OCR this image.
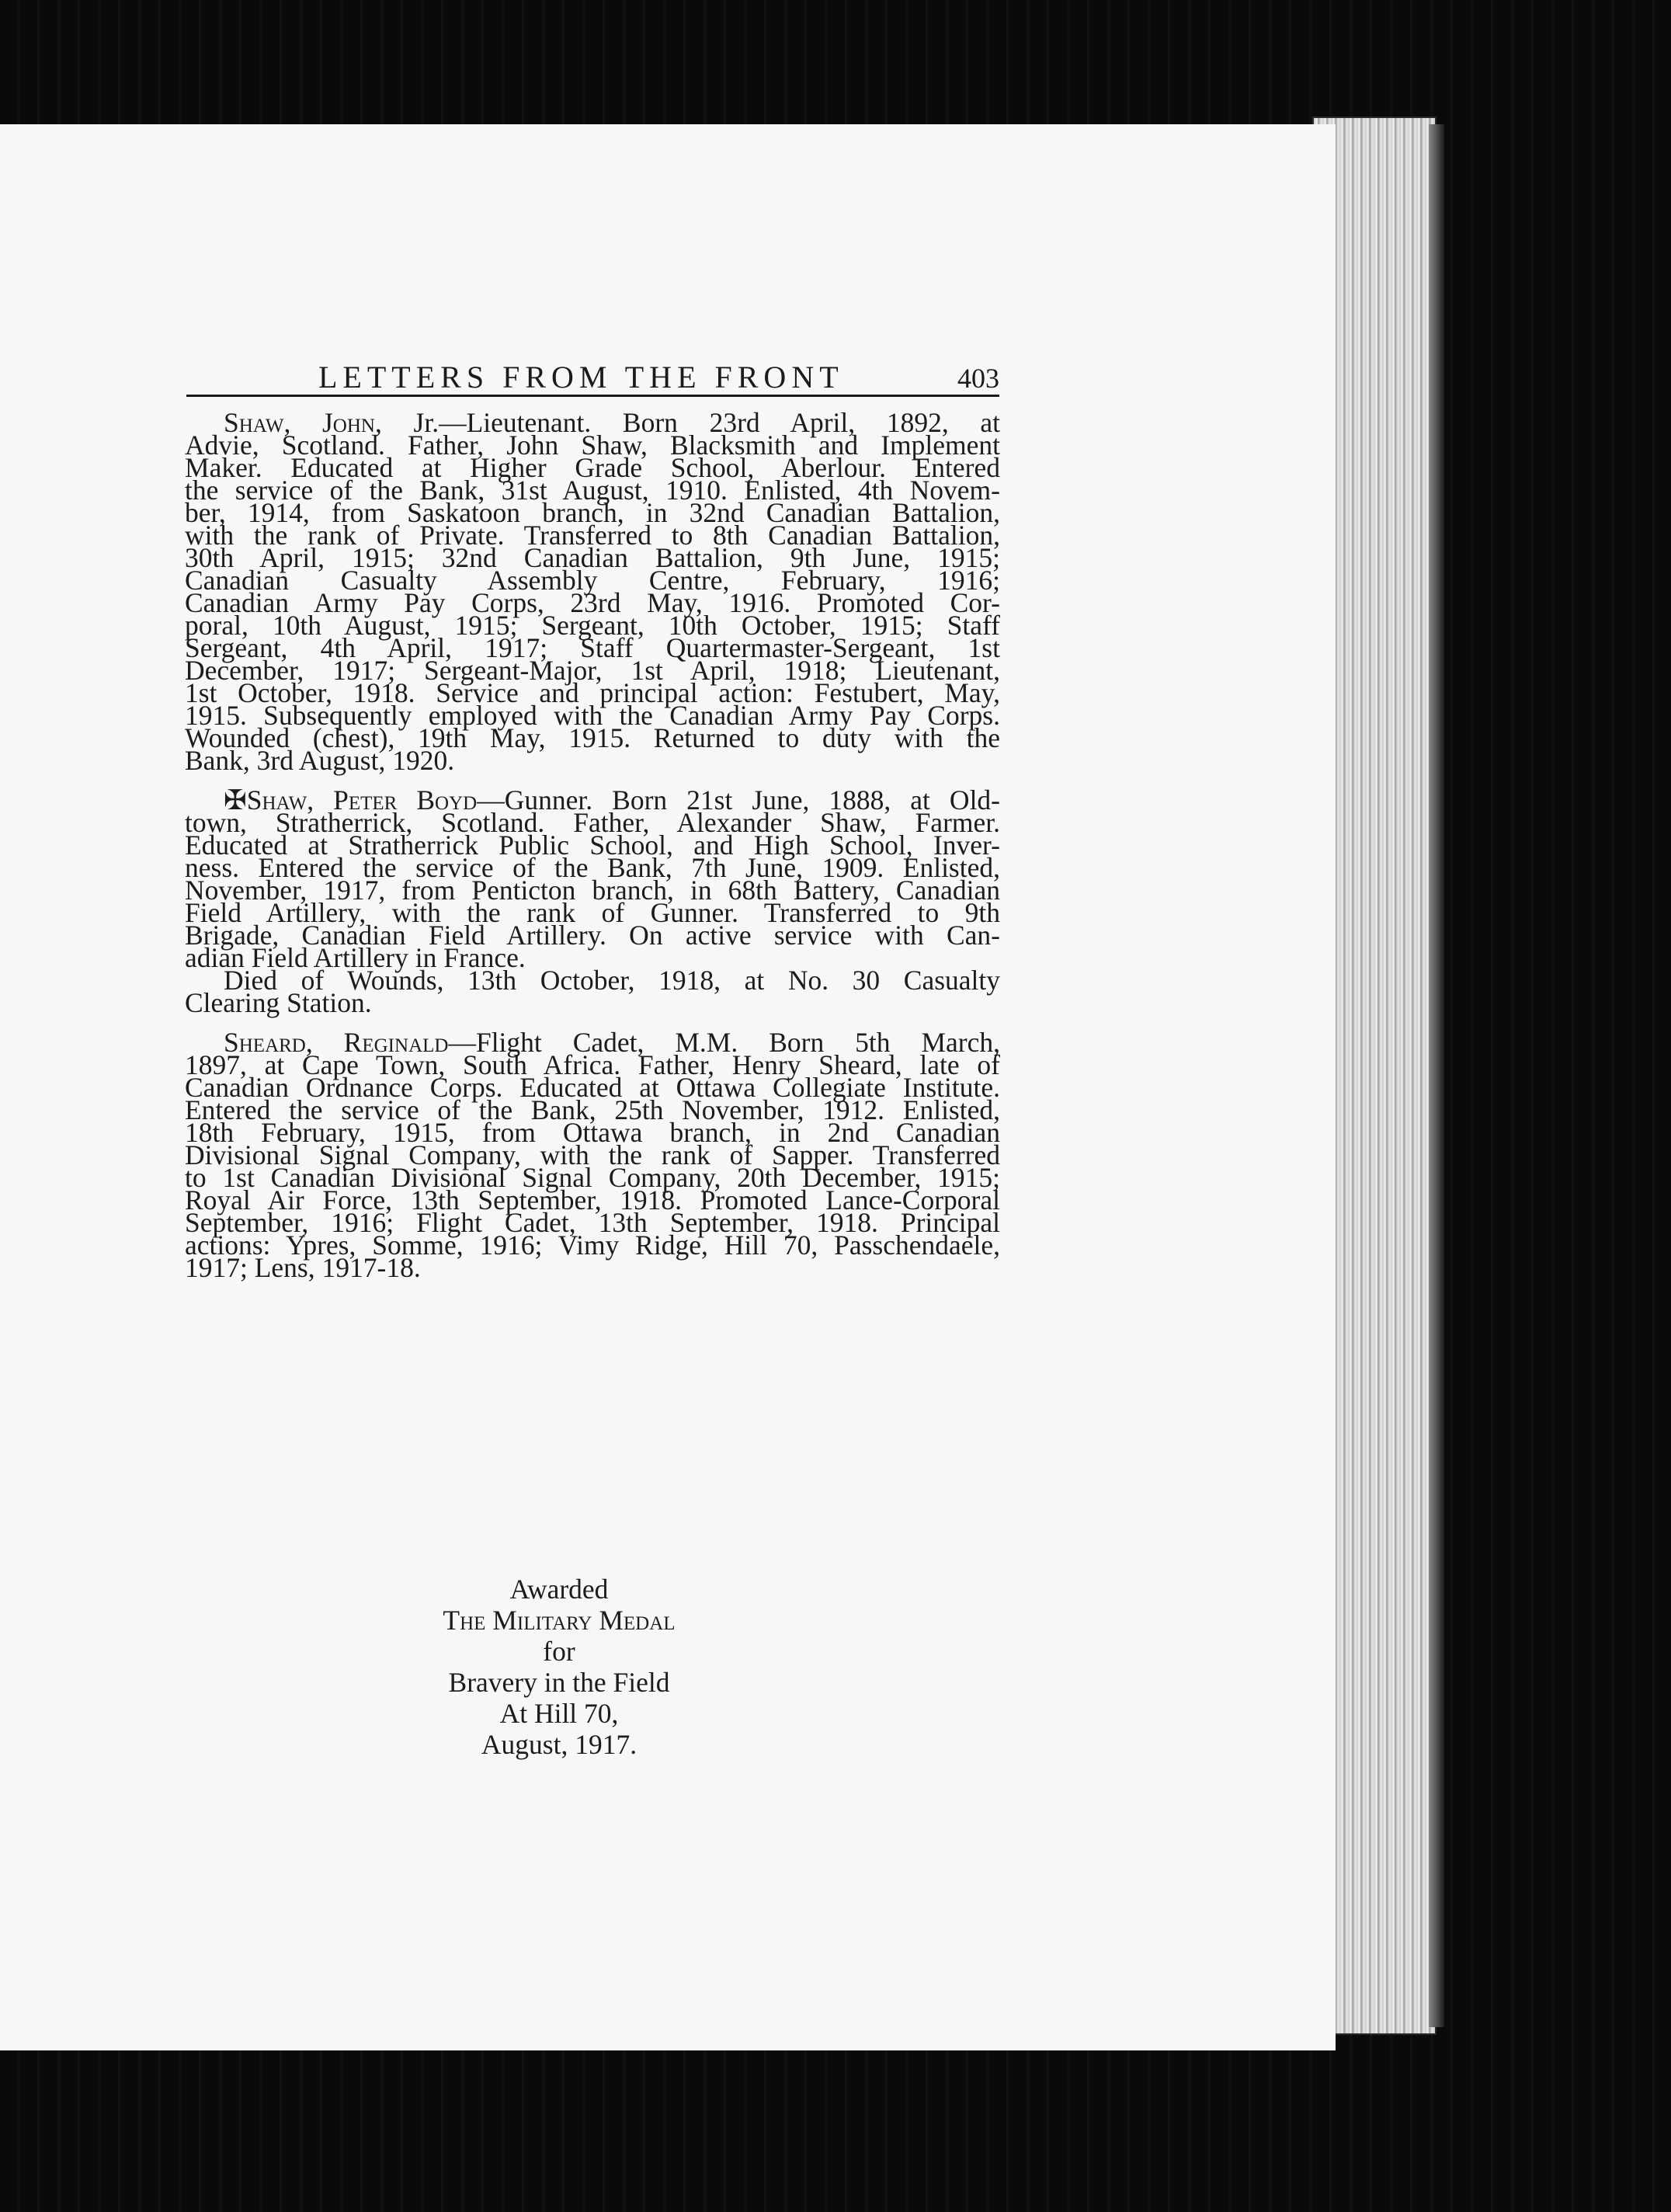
LETTERS FROM THE FRONT	403

Shaw, John, Jr.—Lieutenant. Born 23rd April, 1892, at

Advie, Scotland. Father, John Shaw, Blacksmith and Implement

Maker. Educated at Higher Grade School, Aberlour. Entered

the service of the Bank, 31st August, 1910. Enlisted, 4th Novem-

ber, 1914, from Saskatoon branch, in 32nd Canadian Battalion,

with the rank of Private. Transferred to 8th Canadian Battalion,

30th April, 1915; 32nd Canadian Battalion, 9th June, 1915;

Canadian Casualty Assembly Centre, February, 1916;

Canadian Army Pay Corps, 23rd May, 1916. Promoted Cor-

poral, 10th August, 1915; Sergeant, 10th October, 1915; Staff

Sergeant, 4th April, 1917; Staff Quartermaster-Sergeant, 1st

December, 1917; Sergeant-Major, 1st April, 1918; Lieutenant,

1st October, 1918. Service and principal action: Festubert, May,

1915. Subsequently employed with the Canadian Army Pay Corps.

Wounded (chest), 19th May, 1915. Returned to duty with the

Bank, 3rd August, 1920.

✠Shaw, Peter Boyd—Gunner. Born 21st June, 1888, at Old-

town, Stratherrick, Scotland. Father, Alexander Shaw, Farmer.

Educated at Stratherrick Public School, and High School, Inver-

ness. Entered the service of the Bank, 7th June, 1909. Enlisted,

November, 1917, from Penticton branch, in 68th Battery, Canadian

Field Artillery, with the rank of Gunner. Transferred to 9th

Brigade, Canadian Field Artillery. On active service with Can-

adian Field Artillery in France.

Died of Wounds, 13th October, 1918, at No. 30 Casualty

Clearing Station.

Sheard, Reginald—Flight Cadet, M.M. Born 5th March,

1897, at Cape Town, South Africa. Father, Henry Sheard, late of

Canadian Ordnance Corps. Educated at Ottawa Collegiate Institute.

Entered the service of the Bank, 25th November, 1912. Enlisted,

18th February, 1915, from Ottawa branch, in 2nd Canadian

Divisional Signal Company, with the rank of Sapper. Transferred

to 1st Canadian Divisional Signal Company, 20th December, 1915;

Royal Air Force, 13th September, 1918. Promoted Lance-Corporal

September, 1916; Flight Cadet, 13th September, 1918. Principal

actions: Ypres, Somme, 1916; Vimy Ridge, Hill 70, Passchendaele,

1917; Lens, 1917-18.

Awarded
The Military Medal
for
Bravery in the Field
At Hill 70,
August, 1917.
